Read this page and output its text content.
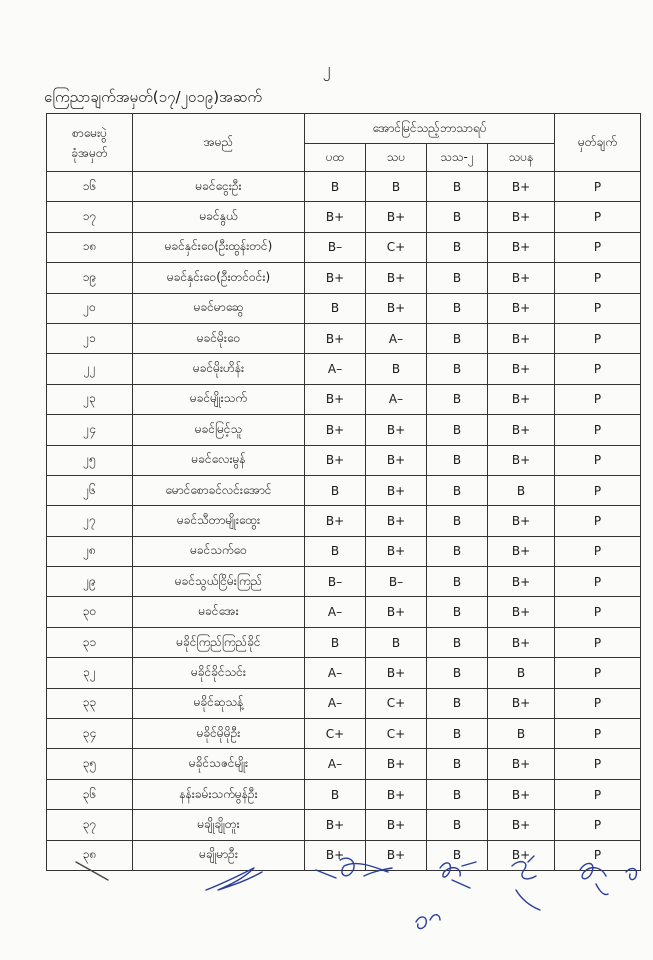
၂
ကြေညာချက်အမှတ်(၁၇/၂၀၁၉)အဆက်
စာမေးပွဲ
ခုံအမှတ်	အမည်	အောင်မြင်သည့်ဘာသာရပ်				မှတ်ချက်
		ပထ	သပ	သသ-၂	သပန	
၁၆	မခင်ငွေးဦး	B	B	B	B+	P
၁၇	မခင်နွယ်	B+	B+	B	B+	P
၁၈	မခင်နှင်းဝေ(ဦးထွန်းတင်)	B–	C+	B	B+	P
၁၉	မခင်နှင်းဝေ(ဦးတင်ဝင်း)	B+	B+	B	B+	P
၂၀	မခင်မာဆွေ	B	B+	B	B+	P
၂၁	မခင်မိုးဝေ	B+	A–	B	B+	P
၂၂	မခင်မိုးဟိန်း	A–	B	B	B+	P
၂၃	မခင်မျိုးသက်	B+	A–	B	B+	P
၂၄	မခင်မြင့်သူ	B+	B+	B	B+	P
၂၅	မခင်လေးမွန်	B+	B+	B	B+	P
၂၆	မောင်စောခင်လင်းအောင်	B	B+	B	B	P
၂၇	မခင်သီတာမျိုးထွေး	B+	B+	B	B+	P
၂၈	မခင်သက်ဝေ	B	B+	B	B+	P
၂၉	မခင်သွယ်ငြိမ်းကြည်	B–	B–	B	B+	P
၃၀	မခင်အေး	A–	B+	B	B+	P
၃၁	မခိုင်ကြည်ကြည်ခိုင်	B	B	B	B+	P
၃၂	မခိုင်ခိုင်သင်း	A–	B+	B	B	P
၃၃	မခိုင်ဆုသန့်	A–	C+	B	B+	P
၃၄	မခိုင်မိုမိုဦး	C+	C+	B	B	P
၃၅	မခိုင်သဇင်မျိုး	A–	B+	B	B+	P
၃၆	နန်းခမ်းသက်မွန်ဦး	B	B+	B	B+	P
၃၇	မချိုချိုတူး	B+	B+	B	B+	P
၃၈	မချိုမာဦး	B+	B+	B	B+	P
